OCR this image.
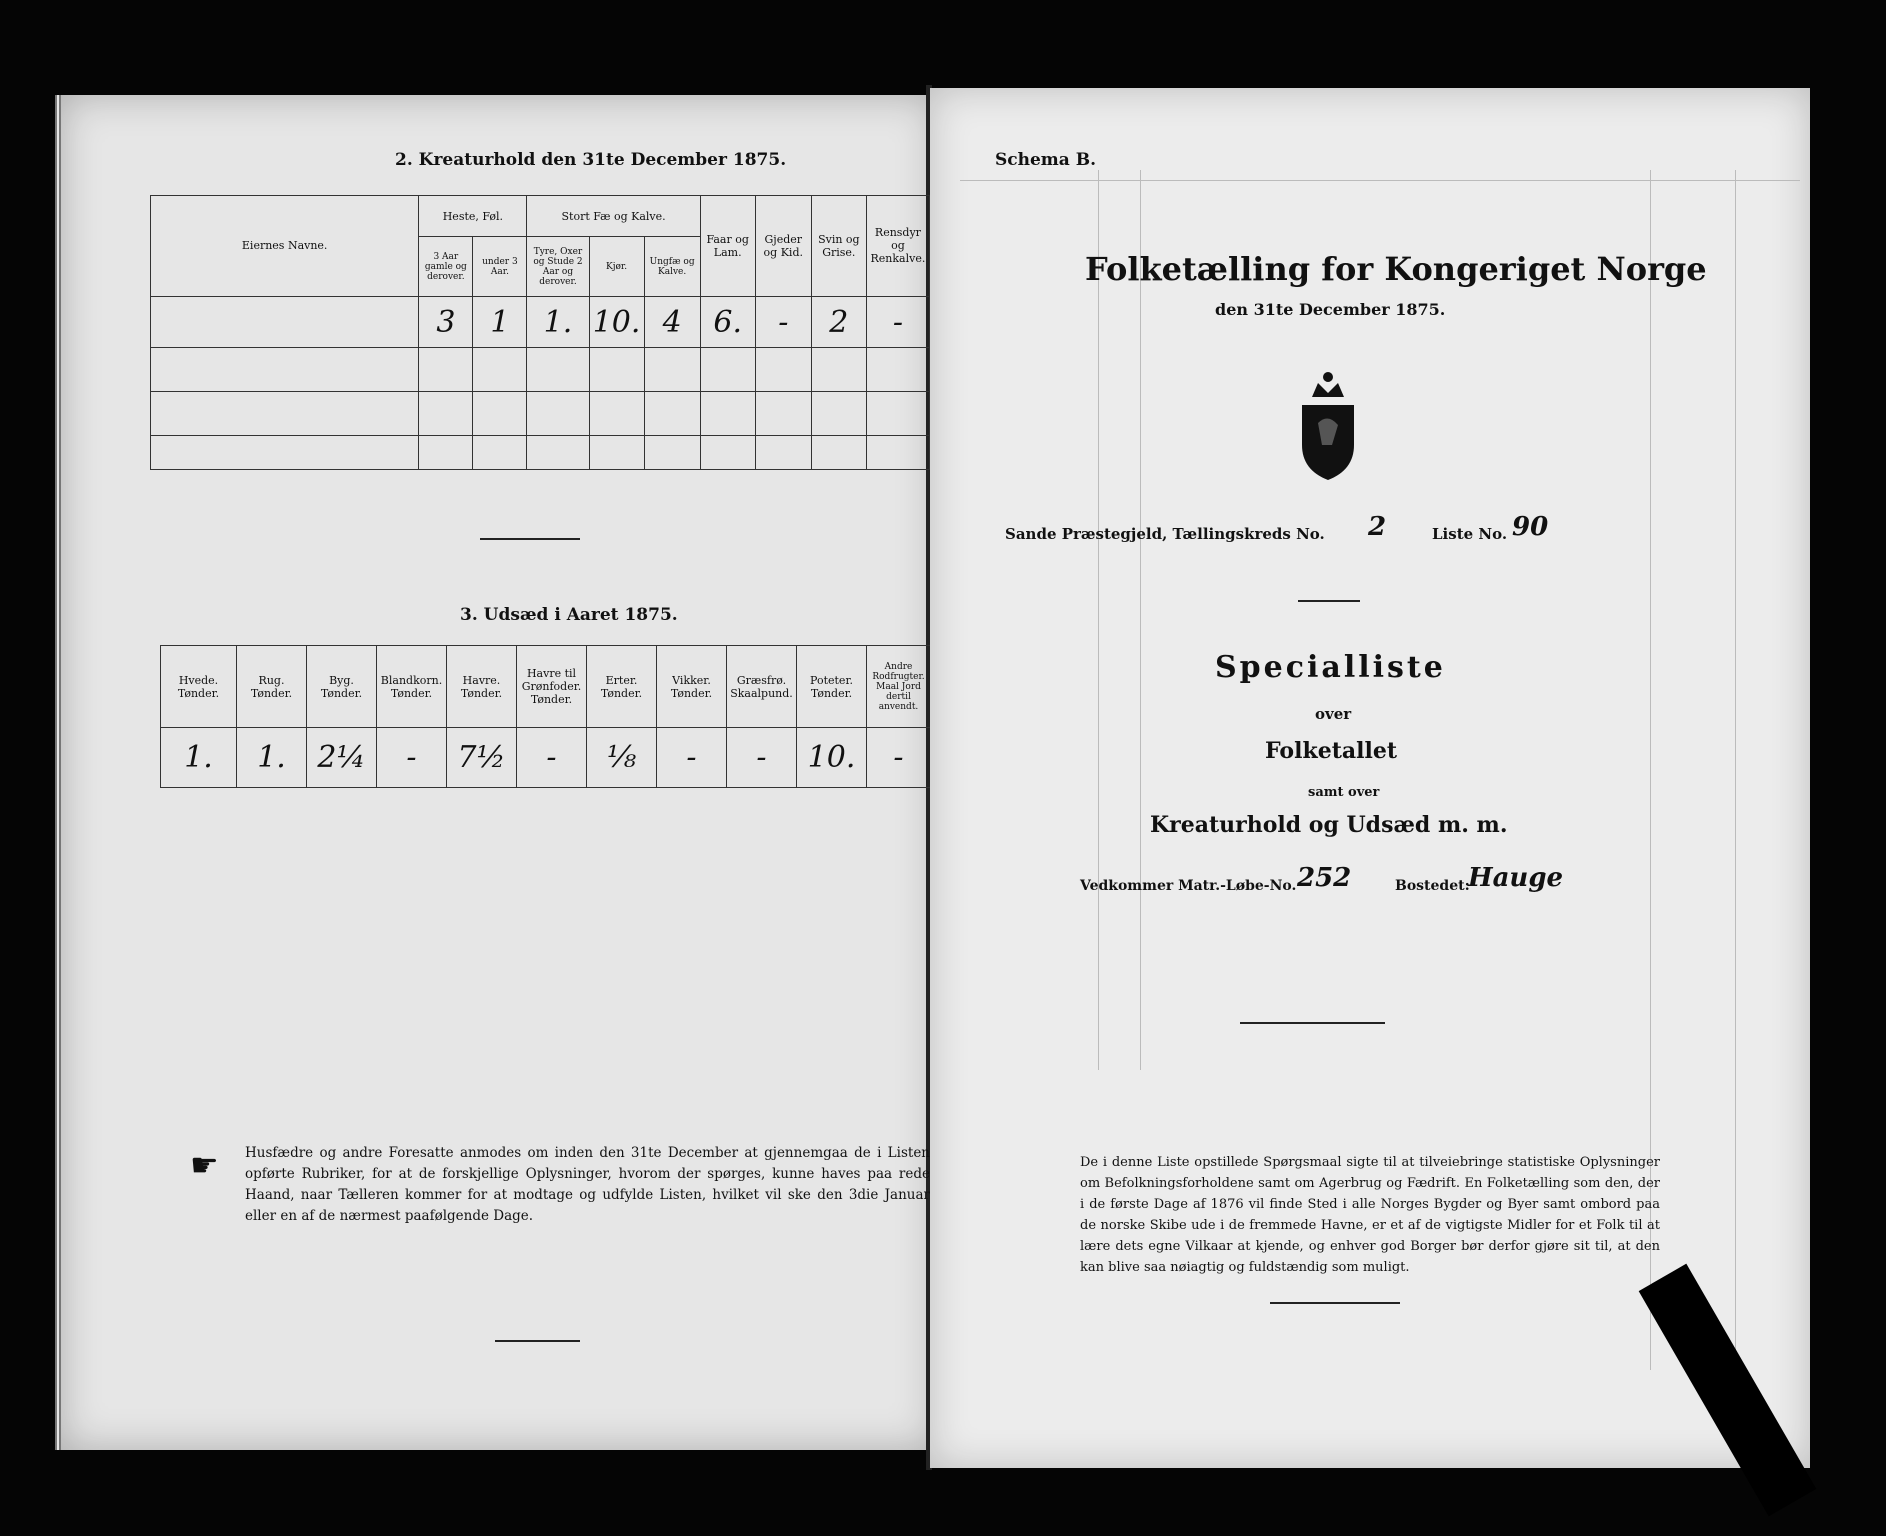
2. Kreaturhold den 31te December 1875.
Eiernes Navne.	Heste, Føl.		Stort Fæ og Kalve.			Faar og Lam.	Gjeder og Kid.	Svin og Grise.	Rensdyr og Renkalve.
	3 Aar gamle og derover.	under 3 Aar.	Tyre, Oxer og Stude 2 Aar og derover.	Kjør.	Ungfæ og Kalve.				
	3	1	1.	10.	4	6.	-	2	-

3. Udsæd i Aaret 1875.
Hvede. Tønder.	Rug. Tønder.	Byg. Tønder.	Blandkorn. Tønder.	Havre. Tønder.	Havre til Grønfoder. Tønder.	Erter. Tønder.	Vikker. Tønder.	Græsfrø. Skaalpund.	Poteter. Tønder.	Andre Rodfrugter. Maal Jord dertil anvendt.
1.	1.	2¼	-	7½	-	⅛	-	-	10.	-
☛ Husfædre og andre Foresatte anmodes om inden den 31te December at gjennemgaa de i Listen opførte Rubriker, for at de forskjellige Oplysninger, hvorom der spørges, kunne haves paa rede Haand, naar Tælleren kommer for at modtage og udfylde Listen, hvilket vil ske den 3die Januar eller en af de nærmest paafølgende Dage.
Schema B.
Folketælling for Kongeriget Norge
den 31te December 1875.
Sande Præstegjeld, Tællingskreds No. 2	Liste No. 90
Specialliste
over
Folketallet
samt over
Kreaturhold og Udsæd m. m.
Vedkommer Matr.-Løbe-No. 252	Bostedet:
Hauge
De i denne Liste opstillede Spørgsmaal sigte til at tilveiebringe statistiske Oplysninger om Befolkningsforholdene samt om Agerbrug og Fædrift. En Folketælling som den, der i de første Dage af 1876 vil finde Sted i alle Norges Bygder og Byer samt ombord paa de norske Skibe ude i de fremmede Havne, er et af de vigtigste Midler for et Folk til at lære dets egne Vilkaar at kjende, og enhver god Borger bør derfor gjøre sit til, at den kan blive saa nøiagtig og fuldstændig som muligt.
